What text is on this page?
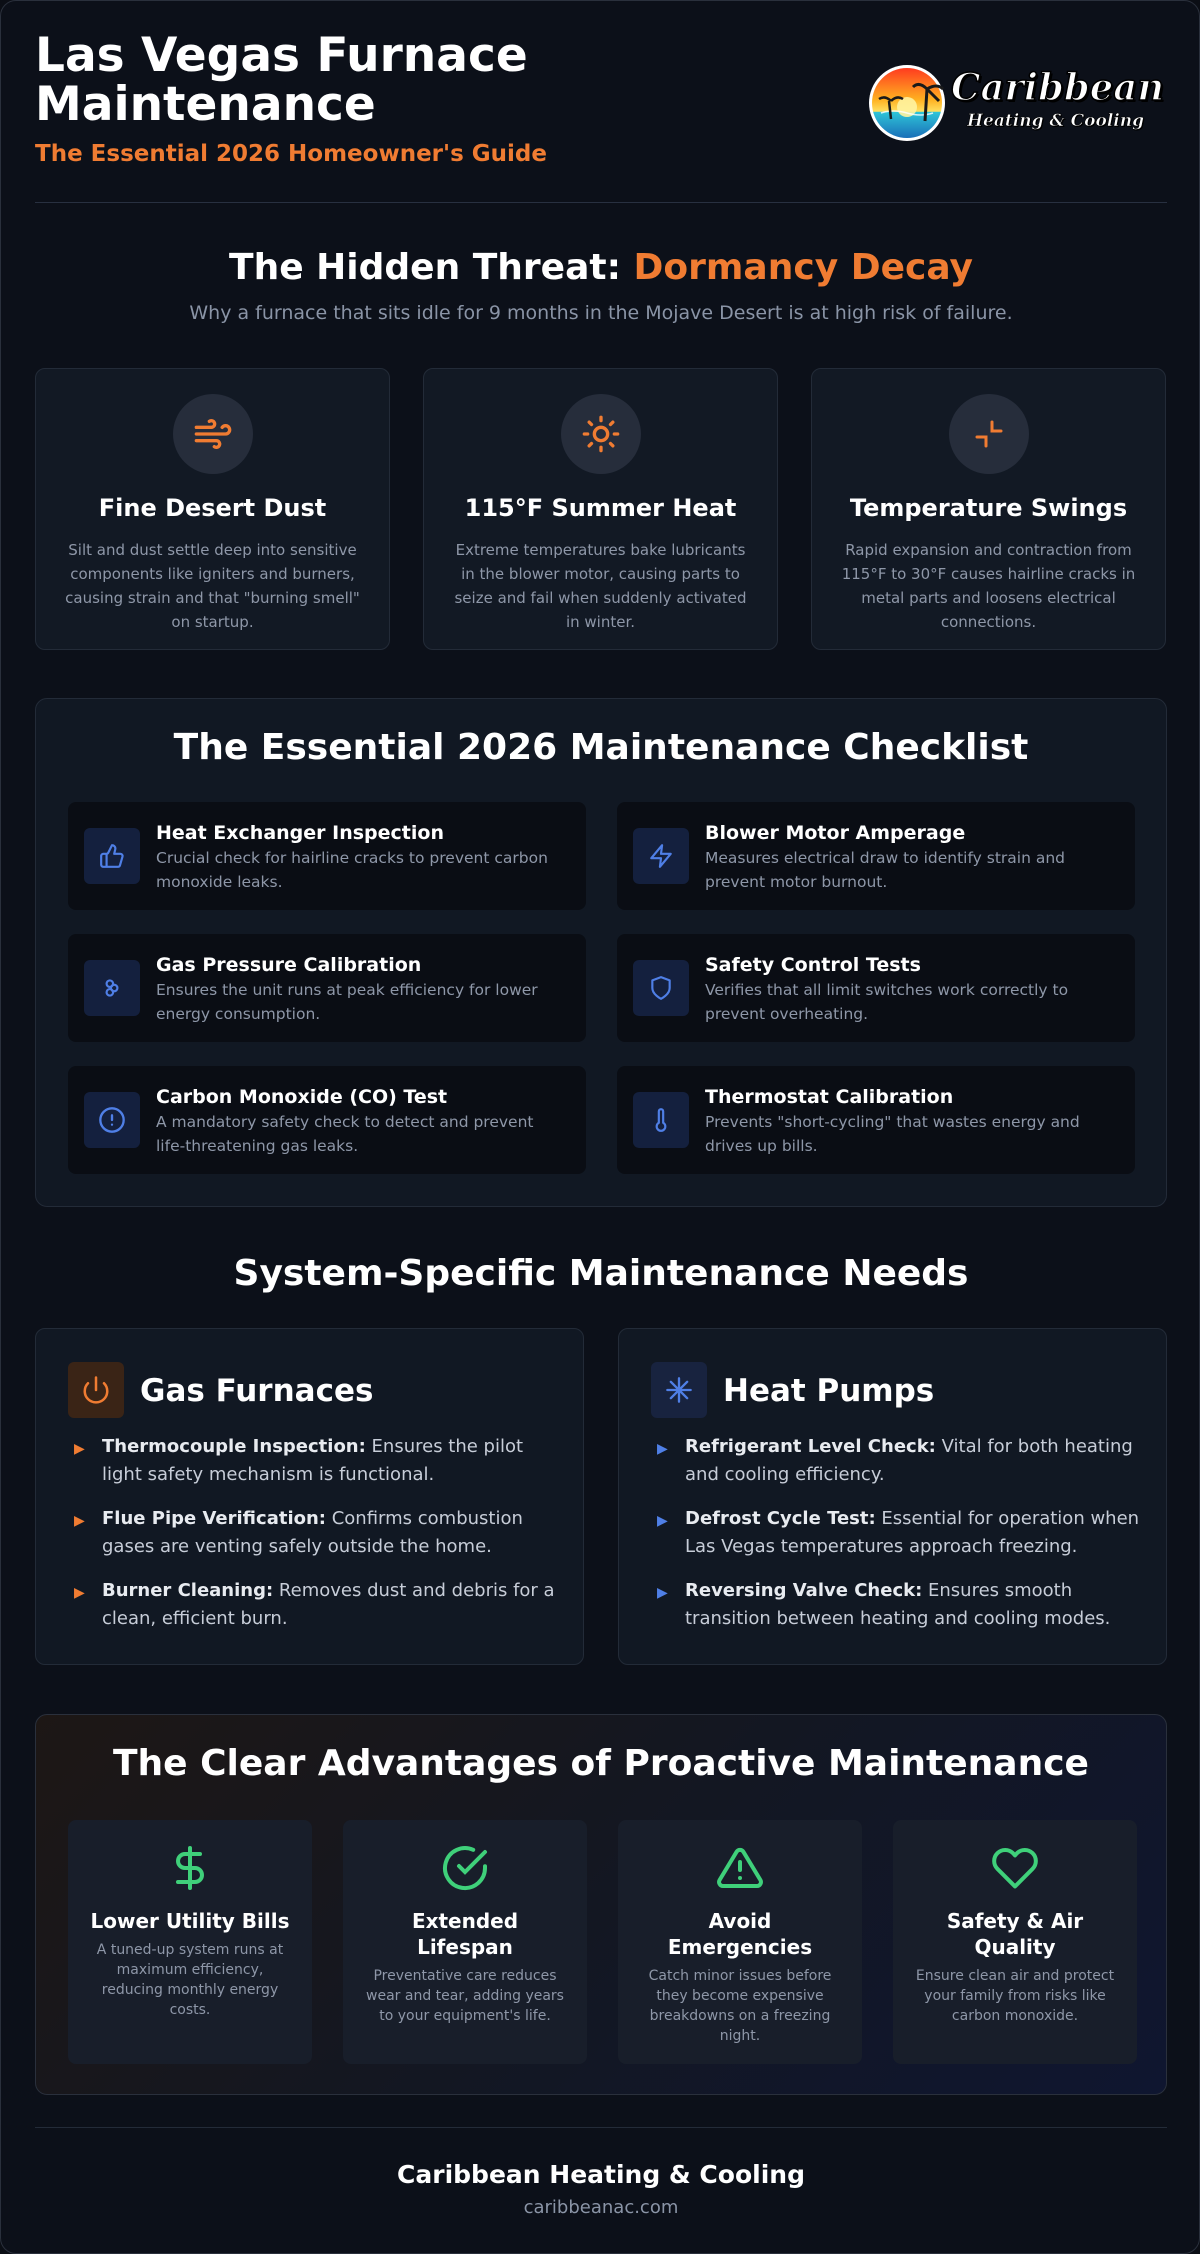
Las Vegas Furnace Maintenance
The Essential 2026 Homeowner's Guide
Caribbean
Heating & Cooling
The Hidden Threat: Dormancy Decay
Why a furnace that sits idle for 9 months in the Mojave Desert is at high risk of failure.
Fine Desert Dust

Silt and dust settle deep into sensitive components like igniters and burners, causing strain and that "burning smell" on startup.

115°F Summer Heat

Extreme temperatures bake lubricants in the blower motor, causing parts to seize and fail when suddenly activated in winter.

Temperature Swings

Rapid expansion and contraction from 115°F to 30°F causes hairline cracks in metal parts and loosens electrical connections.

The Essential 2026 Maintenance Checklist
Heat Exchanger Inspection

Crucial check for hairline cracks to prevent carbon monoxide leaks.

Blower Motor Amperage

Measures electrical draw to identify strain and prevent motor burnout.

Gas Pressure Calibration

Ensures the unit runs at peak efficiency for lower energy consumption.

Safety Control Tests

Verifies that all limit switches work correctly to prevent overheating.

Carbon Monoxide (CO) Test

A mandatory safety check to detect and prevent life-threatening gas leaks.

Thermostat Calibration

Prevents "short-cycling" that wastes energy and drives up bills.

System-Specific Maintenance Needs
Gas Furnaces
▶ Thermocouple Inspection: Ensures the pilot light safety mechanism is functional.
▶ Flue Pipe Verification: Confirms combustion gases are venting safely outside the home.
▶ Burner Cleaning: Removes dust and debris for a clean, efficient burn.
Heat Pumps
▶ Refrigerant Level Check: Vital for both heating and cooling efficiency.
▶ Defrost Cycle Test: Essential for operation when Las Vegas temperatures approach freezing.
▶ Reversing Valve Check: Ensures smooth transition between heating and cooling modes.
The Clear Advantages of Proactive Maintenance
Lower Utility Bills

A tuned-up system runs at maximum efficiency, reducing monthly energy costs.

Extended Lifespan

Preventative care reduces wear and tear, adding years to your equipment's life.

Avoid Emergencies

Catch minor issues before they become expensive breakdowns on a freezing night.

Safety & Air Quality

Ensure clean air and protect your family from risks like carbon monoxide.

Caribbean Heating & Cooling
caribbeanac.com
